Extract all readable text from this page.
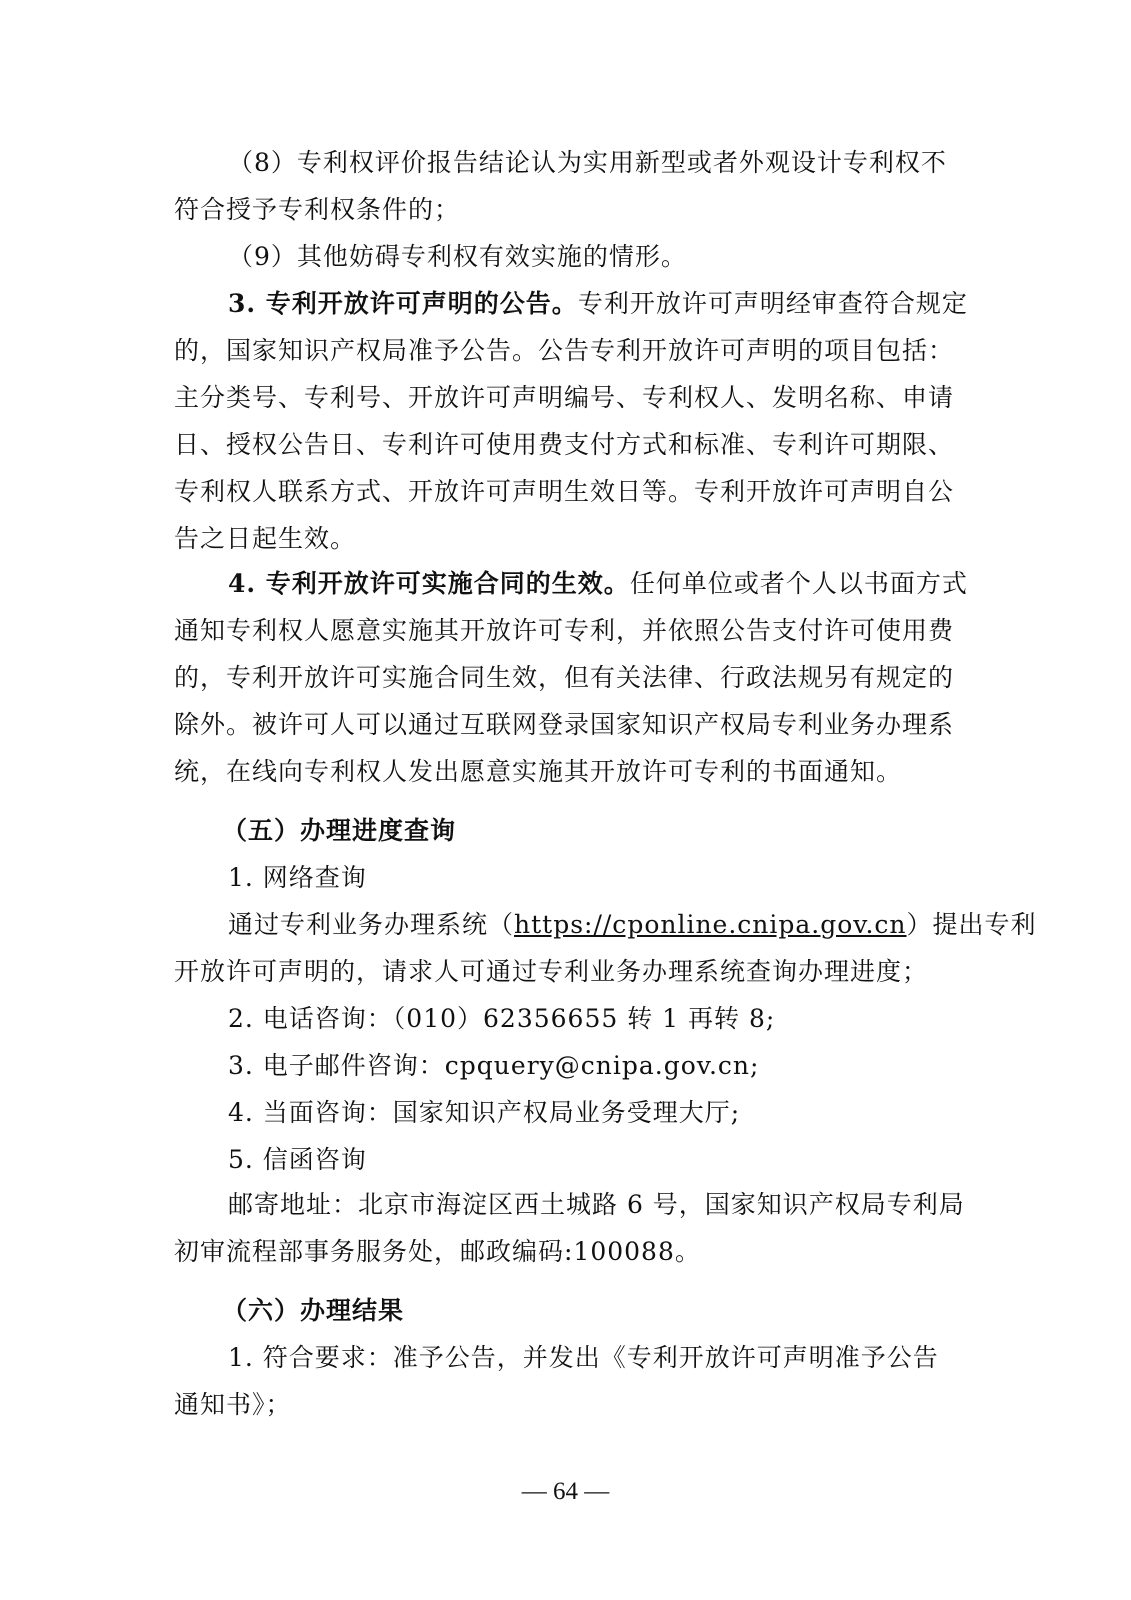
（8）专利权评价报告结论认为实用新型或者外观设计专利权不
符合授予专利权条件的；
（9）其他妨碍专利权有效实施的情形。
3. 专利开放许可声明的公告。专利开放许可声明经审查符合规定
的，国家知识产权局准予公告。公告专利开放许可声明的项目包括：
主分类号、专利号、开放许可声明编号、专利权人、发明名称、申请
日、授权公告日、专利许可使用费支付方式和标准、专利许可期限、
专利权人联系方式、开放许可声明生效日等。专利开放许可声明自公
告之日起生效。
4. 专利开放许可实施合同的生效。任何单位或者个人以书面方式
通知专利权人愿意实施其开放许可专利，并依照公告支付许可使用费
的，专利开放许可实施合同生效，但有关法律、行政法规另有规定的
除外。被许可人可以通过互联网登录国家知识产权局专利业务办理系
统，在线向专利权人发出愿意实施其开放许可专利的书面通知。
（五）办理进度查询
1. 网络查询
通过专利业务办理系统（https://cponline.cnipa.gov.cn）提出专利
开放许可声明的，请求人可通过专利业务办理系统查询办理进度；
2. 电话咨询：（010）62356655 转 1 再转 8;
3. 电子邮件咨询：cpquery@cnipa.gov.cn;
4. 当面咨询：国家知识产权局业务受理大厅;
5. 信函咨询
邮寄地址：北京市海淀区西土城路 6 号，国家知识产权局专利局
初审流程部事务服务处，邮政编码:100088。
（六）办理结果
1. 符合要求：准予公告，并发出《专利开放许可声明准予公告
通知书》；
— 64 —
